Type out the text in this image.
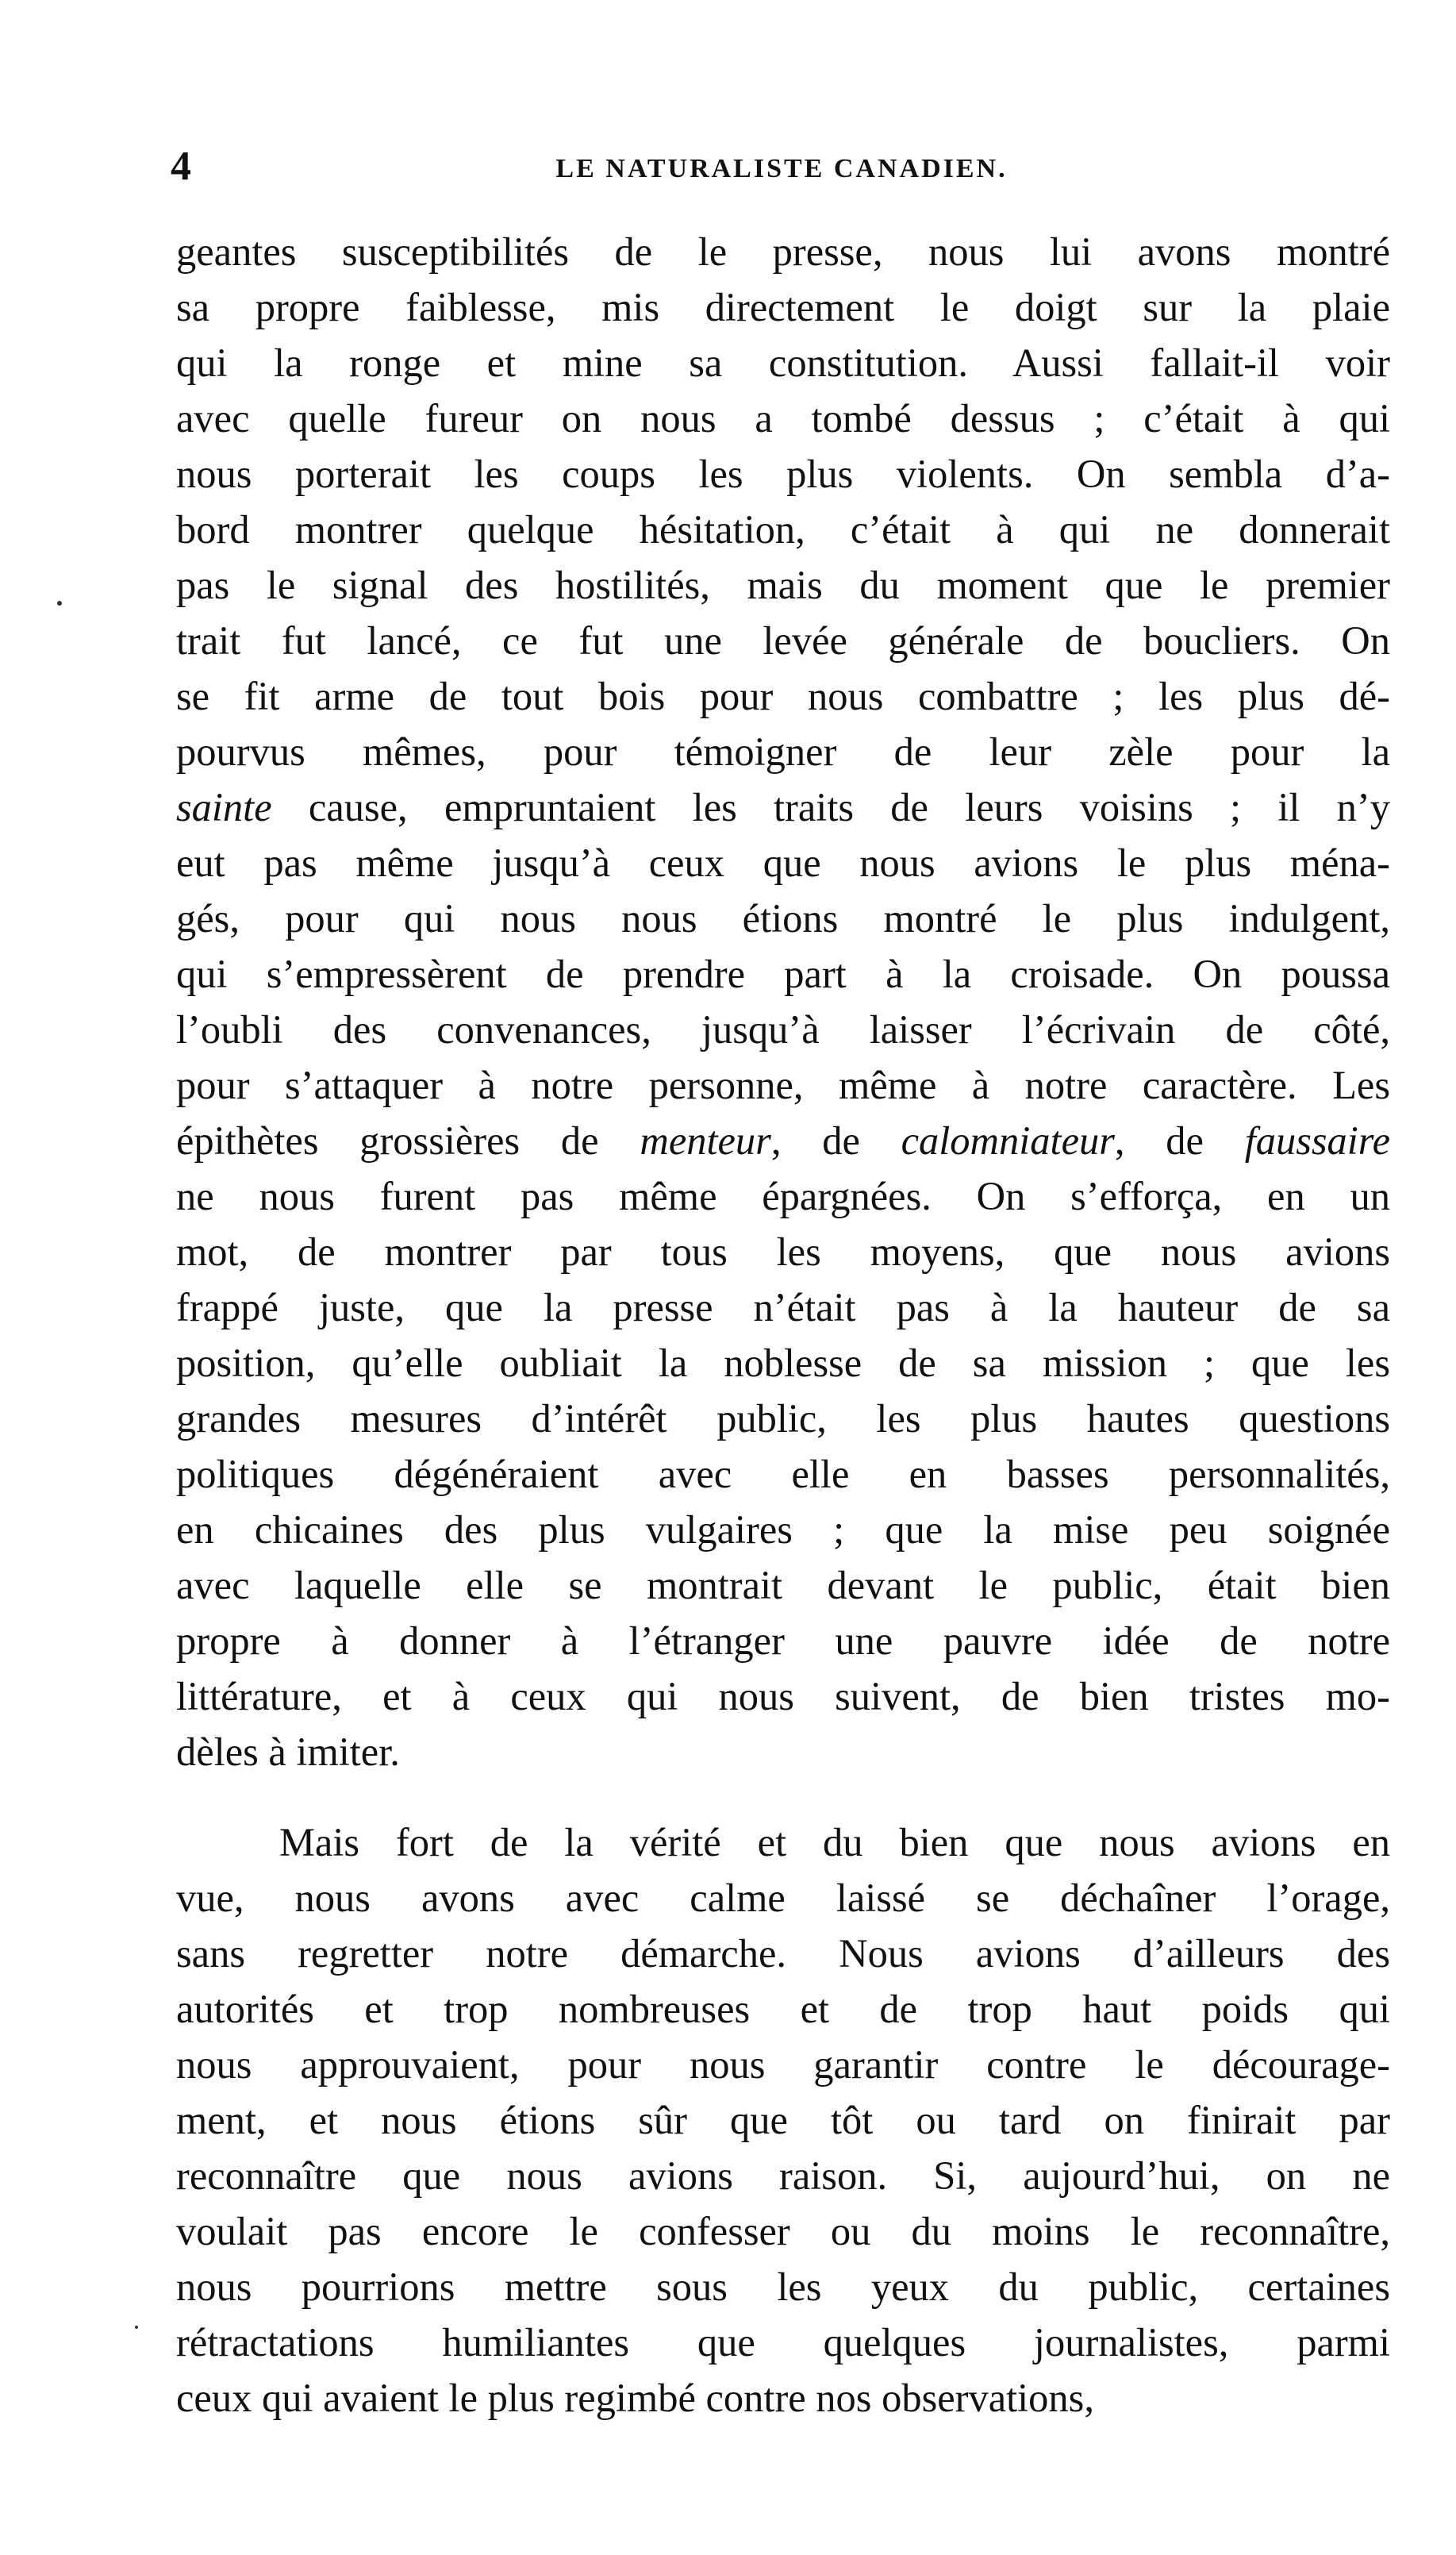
4	LE NATURALISTE CANADIEN.

geantes susceptibilités de le presse, nous lui avons montré
sa propre faiblesse, mis directement le doigt sur la plaie
qui la ronge et mine sa constitution. Aussi fallait-il voir
avec quelle fureur on nous a tombé dessus ; c’était à qui
nous porterait les coups les plus violents. On sembla d’a-
bord montrer quelque hésitation, c’était à qui ne donnerait
pas le signal des hostilités, mais du moment que le premier
trait fut lancé, ce fut une levée générale de boucliers. On
se fit arme de tout bois pour nous combattre ; les plus dé-
pourvus mêmes, pour témoigner de leur zèle pour la
sainte cause, empruntaient les traits de leurs voisins ; il n’y
eut pas même jusqu’à ceux que nous avions le plus ména-
gés, pour qui nous nous étions montré le plus indulgent,
qui s’empressèrent de prendre part à la croisade. On poussa
l’oubli des convenances, jusqu’à laisser l’écrivain de côté,
pour s’attaquer à notre personne, même à notre caractère. Les
épithètes grossières de menteur, de calomniateur, de faussaire
ne nous furent pas même épargnées. On s’efforça, en un
mot, de montrer par tous les moyens, que nous avions
frappé juste, que la presse n’était pas à la hauteur de sa
position, qu’elle oubliait la noblesse de sa mission ; que les
grandes mesures d’intérêt public, les plus hautes questions
politiques dégénéraient avec elle en basses personnalités,
en chicaines des plus vulgaires ; que la mise peu soignée
avec laquelle elle se montrait devant le public, était bien
propre à donner à l’étranger une pauvre idée de notre
littérature, et à ceux qui nous suivent, de bien tristes mo-
dèles à imiter.

Mais fort de la vérité et du bien que nous avions en
vue, nous avons avec calme laissé se déchaîner l’orage,
sans regretter notre démarche. Nous avions d’ailleurs des
autorités et trop nombreuses et de trop haut poids qui
nous approuvaient, pour nous garantir contre le décourage-
ment, et nous étions sûr que tôt ou tard on finirait par
reconnaître que nous avions raison. Si, aujourd’hui, on ne
voulait pas encore le confesser ou du moins le reconnaître,
nous pourrions mettre sous les yeux du public, certaines
rétractations humiliantes que quelques journalistes, parmi
ceux qui avaient le plus regimbé contre nos observations,
